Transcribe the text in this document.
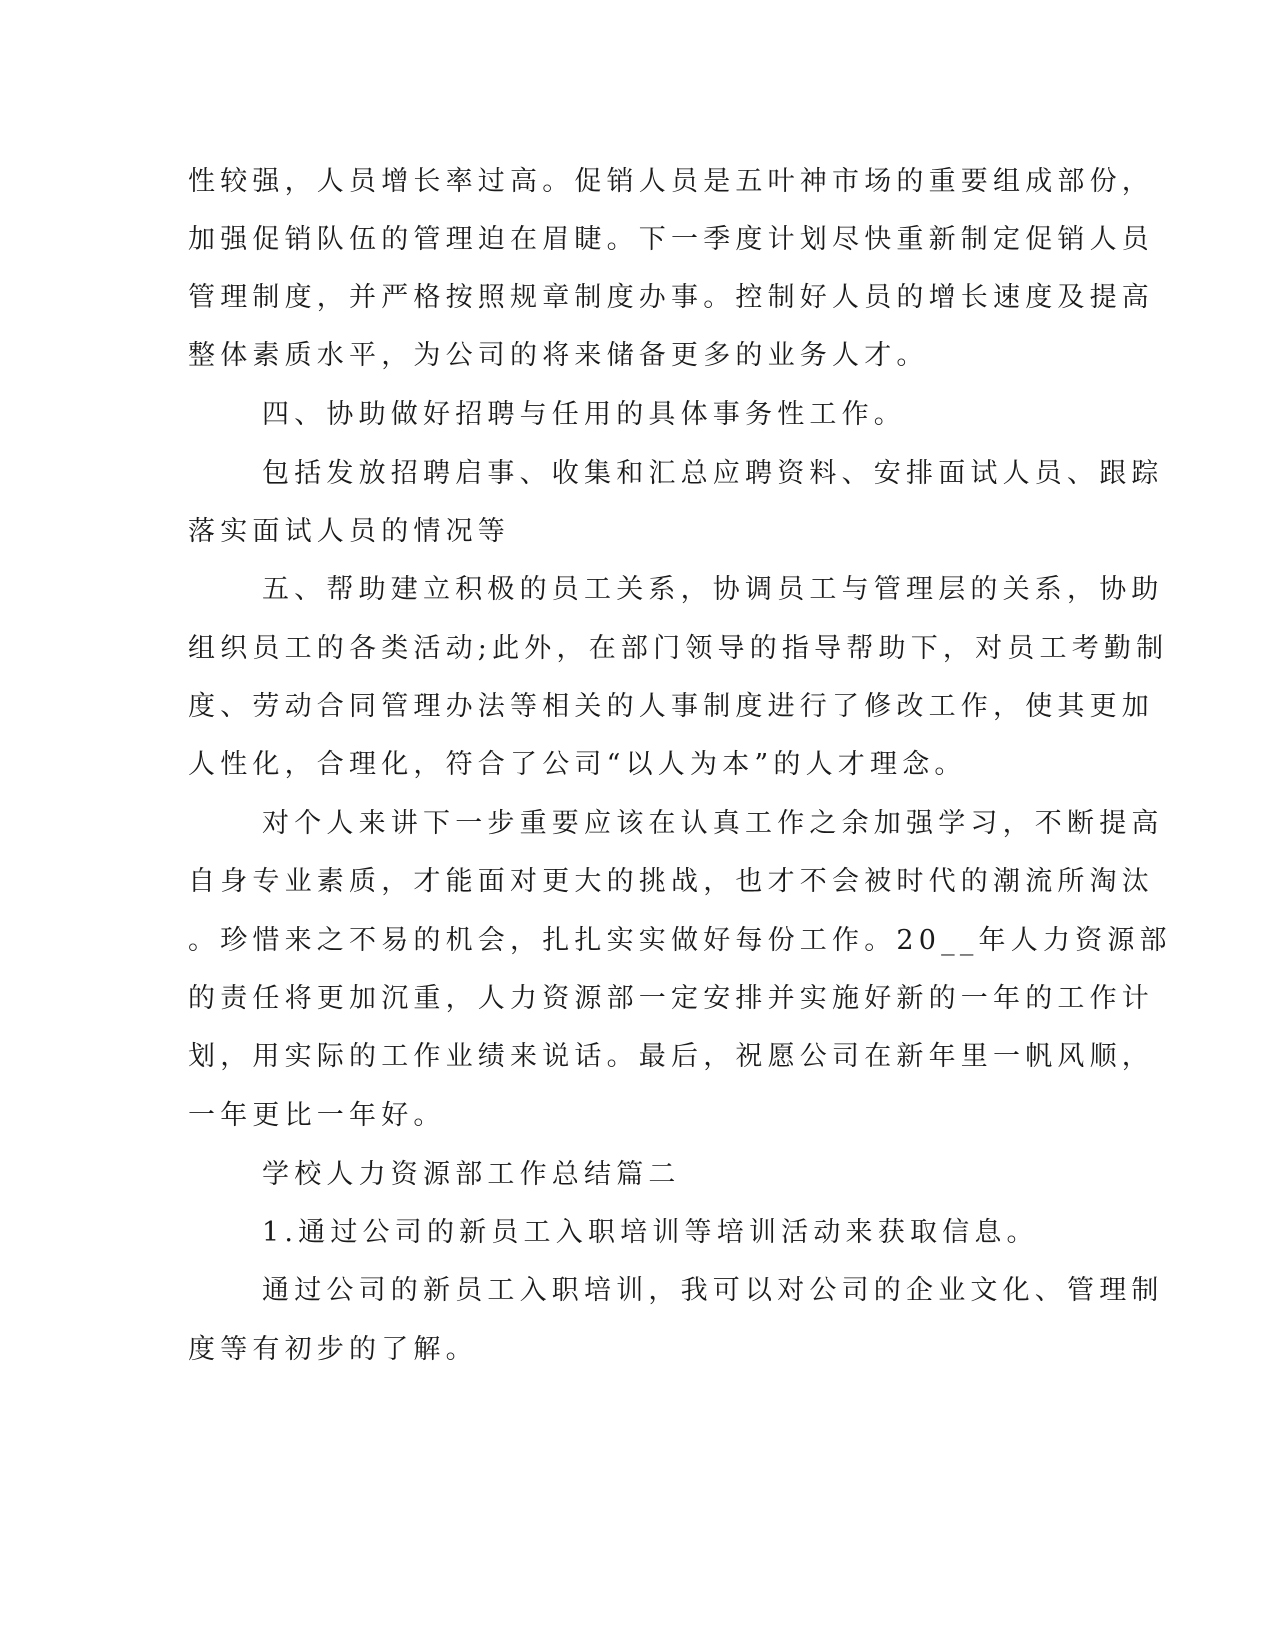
性较强，人员增长率过高。促销人员是五叶神市场的重要组成部份，
加强促销队伍的管理迫在眉睫。下一季度计划尽快重新制定促销人员
管理制度，并严格按照规章制度办事。控制好人员的增长速度及提高
整体素质水平，为公司的将来储备更多的业务人才。
四、协助做好招聘与任用的具体事务性工作。
包括发放招聘启事、收集和汇总应聘资料、安排面试人员、跟踪
落实面试人员的情况等
五、帮助建立积极的员工关系，协调员工与管理层的关系，协助
组织员工的各类活动;此外，在部门领导的指导帮助下，对员工考勤制
度、劳动合同管理办法等相关的人事制度进行了修改工作，使其更加
人性化，合理化，符合了公司“以人为本”的人才理念。
对个人来讲下一步重要应该在认真工作之余加强学习，不断提高
自身专业素质，才能面对更大的挑战，也才不会被时代的潮流所淘汰
。珍惜来之不易的机会，扎扎实实做好每份工作。20__年人力资源部
的责任将更加沉重，人力资源部一定安排并实施好新的一年的工作计
划，用实际的工作业绩来说话。最后，祝愿公司在新年里一帆风顺，
一年更比一年好。
学校人力资源部工作总结篇二
1.通过公司的新员工入职培训等培训活动来获取信息。
通过公司的新员工入职培训，我可以对公司的企业文化、管理制
度等有初步的了解。
